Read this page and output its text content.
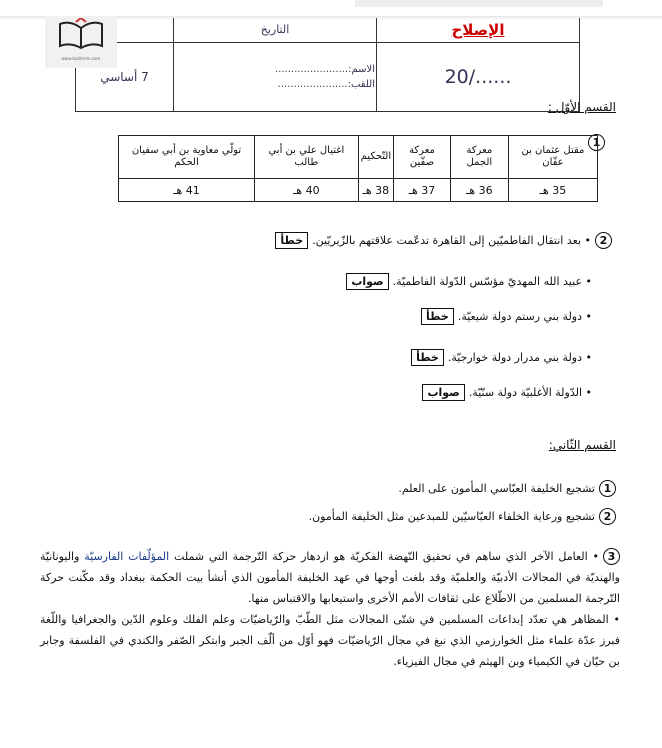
الإصلاح	التاريخ	
....../20	الاسم:.......................
اللقب:......................	7 أساسي
www.taalim-tn.com
القسم الأوّل :
1
مقتل عثمان بن عفّان	معركة الجمل	معركة صفّين	التّحكيم	اغتيال علي بن أبي طالب	تولّي معاوية بن أبي سفيان الحكم
35 هـ	36 هـ	37 هـ	38 هـ	40 هـ	41 هـ
2• بعد انتقال الفاطميّين إلى القاهرة تدعّمت علاقتهم بالزّيريّين.خطأ
• عبيد الله المهديّ مؤسّس الدّولة الفاطميّة.صواب
• دولة بني رستم دولة شيعيّة.خطأ
• دولة بني مدرار دولة خوارجيّة.خطأ
• الدّولة الأغلبيّة دولة سنّيّة.صواب
القسم الثّاني:
1تشجيع الخليفة العبّاسي المأمون على العلم.
2تشجيع ورعاية الخلفاء العبّاسيّين للمبدعين مثل الخليفة المأمون.
3• العامل الآخر الذي ساهم في تحقيق النّهضة الفكريّة هو ازدهار حركة التّرجمة التي شملت المؤلّفات الفارسيّة واليونانيّة والهنديّة في المجالات الأدبيّة والعلميّة وقد بلغت أوجها في عهد الخليفة المأمون الذي أنشأ بيت الحكمة ببغداد وقد مكّنت حركة التّرجمة المسلمين من الاطّلاع على ثقافات الأمم الأخرى واستيعابها والاقتباس منها.
• المظاهر هي تعدّد إبداعات المسلمين في شتّى المجالات مثل الطّبّ والرّياضيّات وعلم الفلك وعلوم الدّين والجغرافيا واللّغة فبرز عدّة علماء مثل الخوارزمي الذي نبغ في مجال الرّياضيّات فهو أوّل من ألّف الجبر وابتكر الصّفر والكندي في الفلسفة وجابر بن حيّان في الكيمياء وبن الهيثم في مجال الفيزياء.
